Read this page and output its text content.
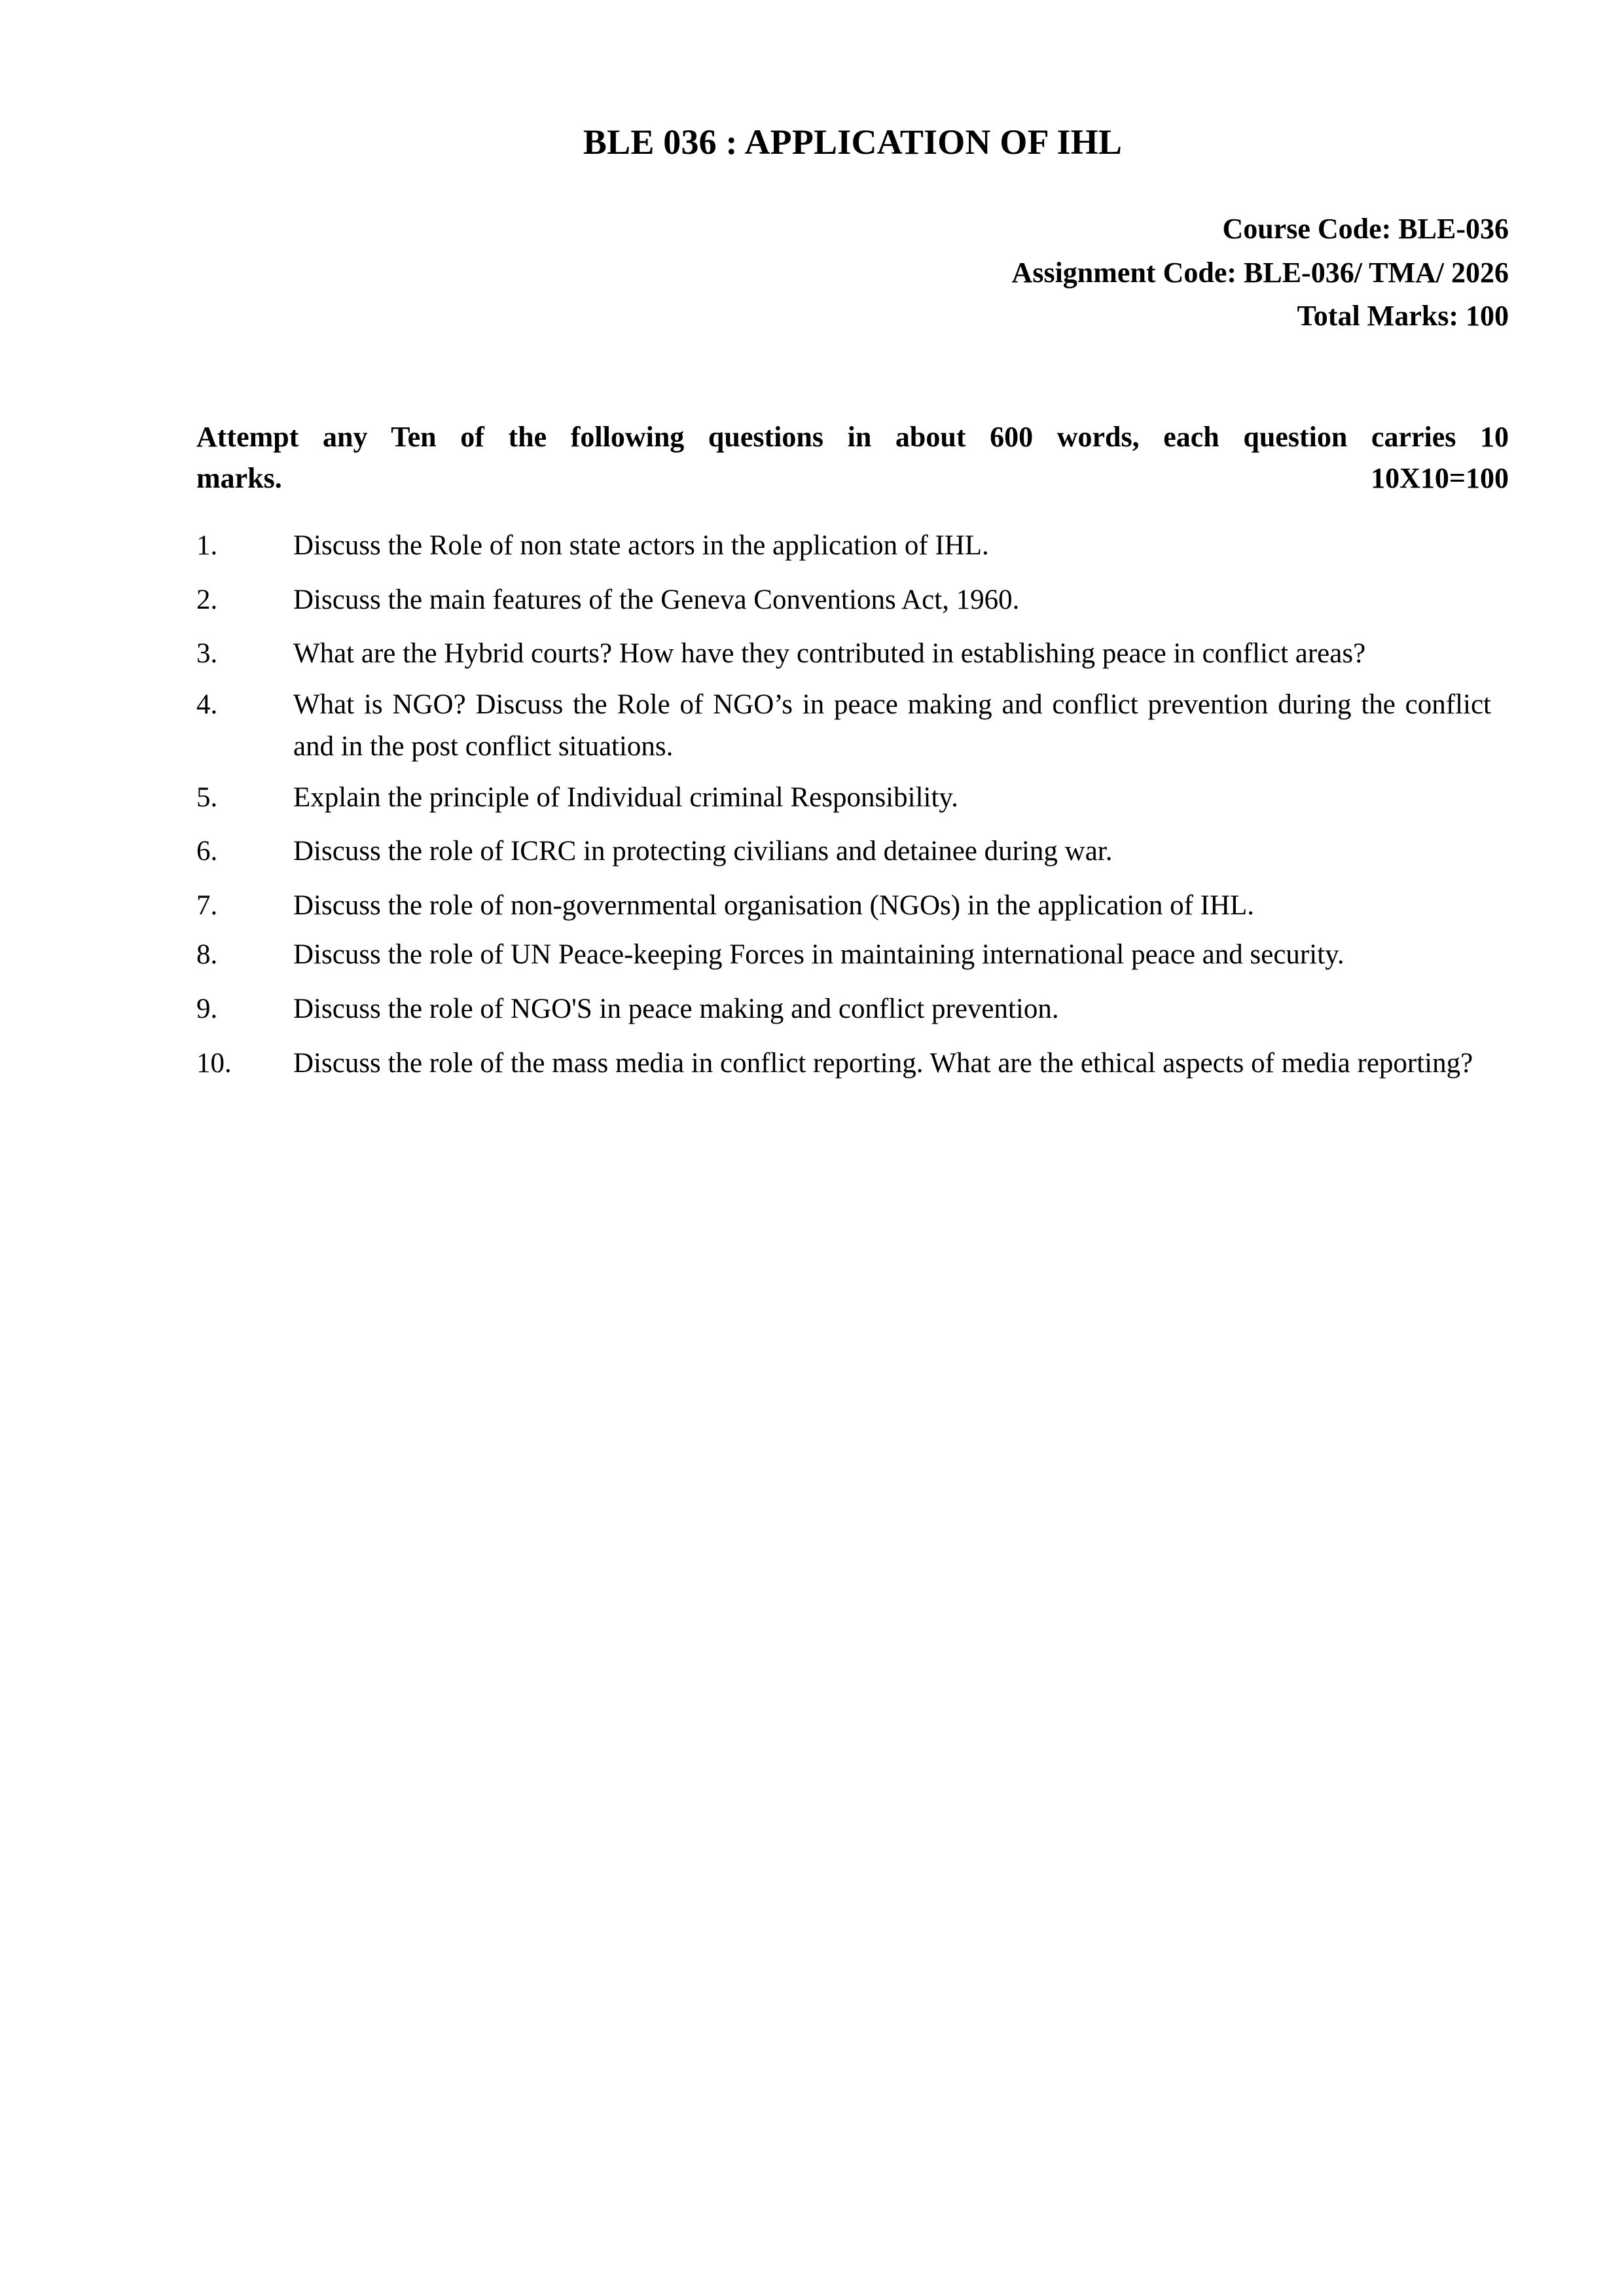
BLE 036 : APPLICATION OF IHL
Course Code: BLE-036
Assignment Code: BLE-036/ TMA/ 2026
Total Marks: 100
Attempt any Ten of the following questions in about 600 words, each question carries 10
marks.	10X10=100
1.	Discuss the Role of non state actors in the application of IHL.
2.	Discuss the main features of the Geneva Conventions Act, 1960.
3.	What are the Hybrid courts? How have they contributed in establishing peace in conflict areas?
4.	What is NGO? Discuss the Role of NGO’s in peace making and conflict prevention during the conflict and in the post conflict situations.
5.	Explain the principle of Individual criminal Responsibility.
6.	Discuss the role of ICRC in protecting civilians and detainee during war.
7.	Discuss the role of non-governmental organisation (NGOs) in the application of IHL.
8.	Discuss the role of UN Peace-keeping Forces in maintaining international peace and security.
9.	Discuss the role of NGO'S in peace making and conflict prevention.
10.	Discuss the role of the mass media in conflict reporting. What are the ethical aspects of media reporting?
